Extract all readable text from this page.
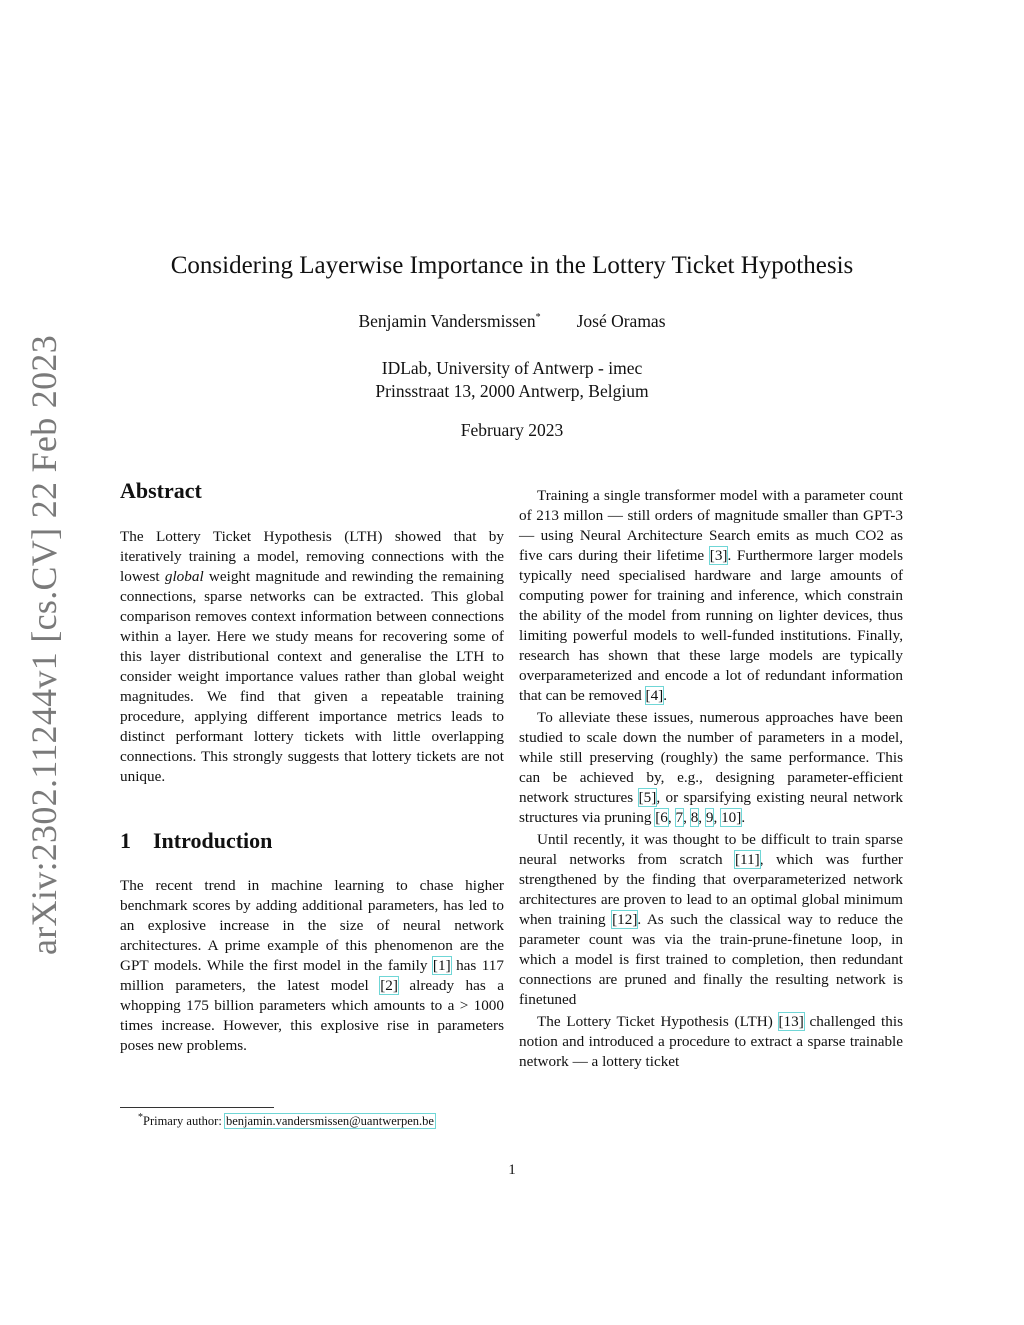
arXiv:2302.11244v1 [cs.CV] 22 Feb 2023
Considering Layerwise Importance in the Lottery Ticket Hypothesis
Benjamin Vandersmissen* José Oramas
IDLab, University of Antwerp - imec
Prinsstraat 13, 2000 Antwerp, Belgium
February 2023
Abstract
The Lottery Ticket Hypothesis (LTH) showed that by iteratively training a model, removing connections with the lowest global weight magnitude and rewinding the remaining connections, sparse networks can be extracted. This global comparison removes context information between connections within a layer. Here we study means for recovering some of this layer distributional context and generalise the LTH to consider weight importance values rather than global weight magnitudes. We find that given a repeatable training procedure, applying different importance metrics leads to distinct performant lottery tickets with little overlapping connections. This strongly suggests that lottery tickets are not unique.
1    Introduction
The recent trend in machine learning to chase higher benchmark scores by adding additional parameters, has led to an explosive increase in the size of neural network architectures. A prime example of this phenomenon are the GPT models. While the first model in the family [1] has 117 million parameters, the latest model [2] already has a whopping 175 billion parameters which amounts to a > 1000 times increase. However, this explosive rise in parameters poses new problems.
Training a single transformer model with a parameter count of 213 millon — still orders of magnitude smaller than GPT-3 — using Neural Architecture Search emits as much CO2 as five cars during their lifetime [3]. Furthermore larger models typically need specialised hardware and large amounts of computing power for training and inference, which constrain the ability of the model from running on lighter devices, thus limiting powerful models to well-funded institutions. Finally, research has shown that these large models are typically overparameterized and encode a lot of redundant information that can be removed [4].
To alleviate these issues, numerous approaches have been studied to scale down the number of parameters in a model, while still preserving (roughly) the same performance. This can be achieved by, e.g., designing parameter-efficient network structures [5], or sparsifying existing neural network structures via pruning [6, 7, 8, 9, 10].
Until recently, it was thought to be difficult to train sparse neural networks from scratch [11], which was further strengthened by the finding that overparameterized network architectures are proven to lead to an optimal global minimum when training [12]. As such the classical way to reduce the parameter count was via the train-prune-finetune loop, in which a model is first trained to completion, then redundant connections are pruned and finally the resulting network is finetuned
The Lottery Ticket Hypothesis (LTH) [13] challenged this notion and introduced a procedure to extract a sparse trainable network — a lottery ticket
*Primary author: benjamin.vandersmissen@uantwerpen.be
1
